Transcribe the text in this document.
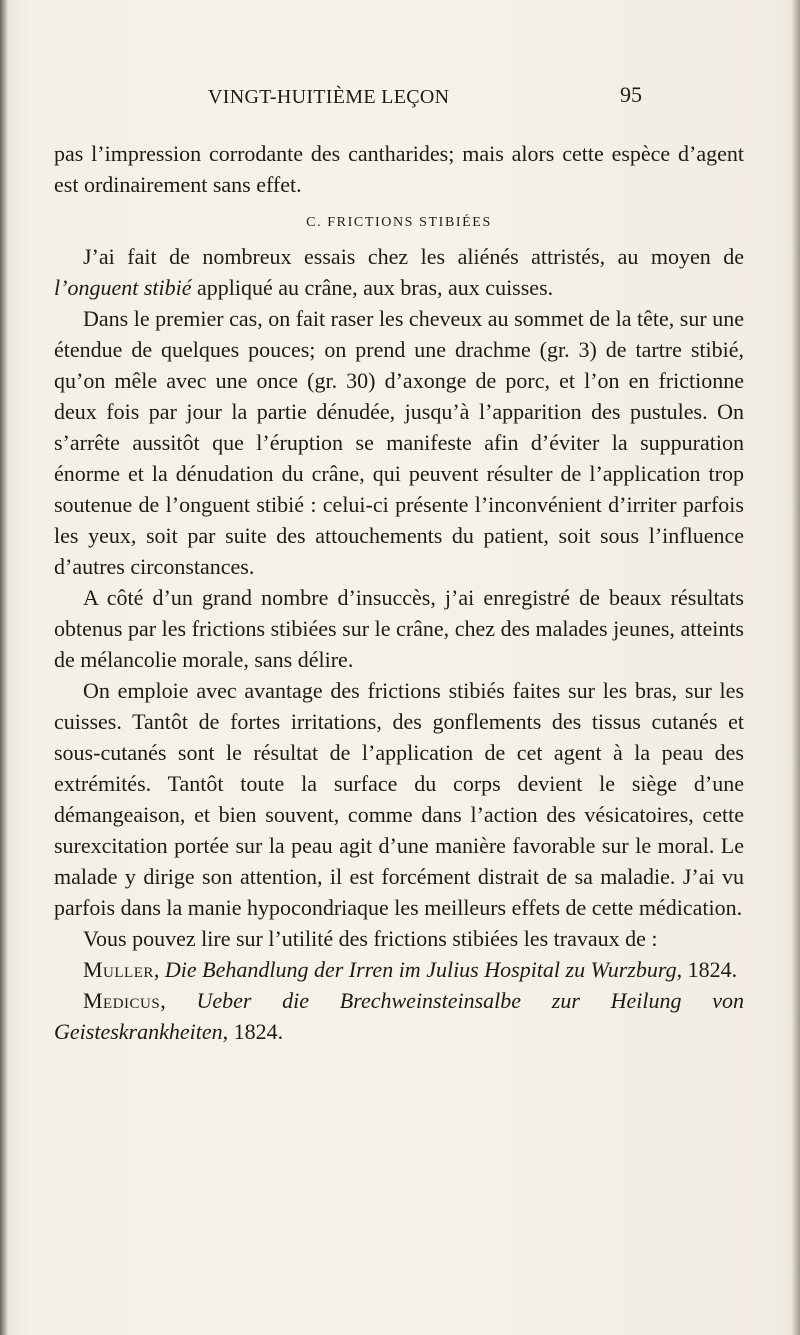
VINGT-HUITIÈME LEÇON	95

pas l’impression corrodante des cantharides; mais alors cette espèce d’agent est ordinairement sans effet.

C. FRICTIONS STIBIÉES

J’ai fait de nombreux essais chez les aliénés attristés, au moyen de l’onguent stibié appliqué au crâne, aux bras, aux cuisses.

Dans le premier cas, on fait raser les cheveux au sommet de la tête, sur une étendue de quelques pouces; on prend une drachme (gr. 3) de tartre stibié, qu’on mêle avec une once (gr. 30) d’axonge de porc, et l’on en frictionne deux fois par jour la partie dénudée, jusqu’à l’apparition des pustules. On s’arrête aussitôt que l’éruption se manifeste afin d’éviter la suppuration énorme et la dénudation du crâne, qui peuvent résulter de l’application trop soutenue de l’onguent stibié : celui-ci présente l’inconvénient d’irriter parfois les yeux, soit par suite des attouchements du patient, soit sous l’influence d’autres circonstances.

A côté d’un grand nombre d’insuccès, j’ai enregistré de beaux résultats obtenus par les frictions stibiées sur le crâne, chez des malades jeunes, atteints de mélancolie morale, sans délire.

On emploie avec avantage des frictions stibiés faites sur les bras, sur les cuisses. Tantôt de fortes irritations, des gonflements des tissus cutanés et sous-cutanés sont le résultat de l’application de cet agent à la peau des extrémités. Tantôt toute la surface du corps devient le siège d’une démangeaison, et bien souvent, comme dans l’action des vésicatoires, cette surexcitation portée sur la peau agit d’une manière favorable sur le moral. Le malade y dirige son attention, il est forcément distrait de sa maladie. J’ai vu parfois dans la manie hypocondriaque les meilleurs effets de cette médication.

Vous pouvez lire sur l’utilité des frictions stibiées les travaux de :

Muller, Die Behandlung der Irren im Julius Hospital zu Wurzburg, 1824.

Medicus, Ueber die Brechweinsteinsalbe zur Heilung von Geisteskrankheiten, 1824.
